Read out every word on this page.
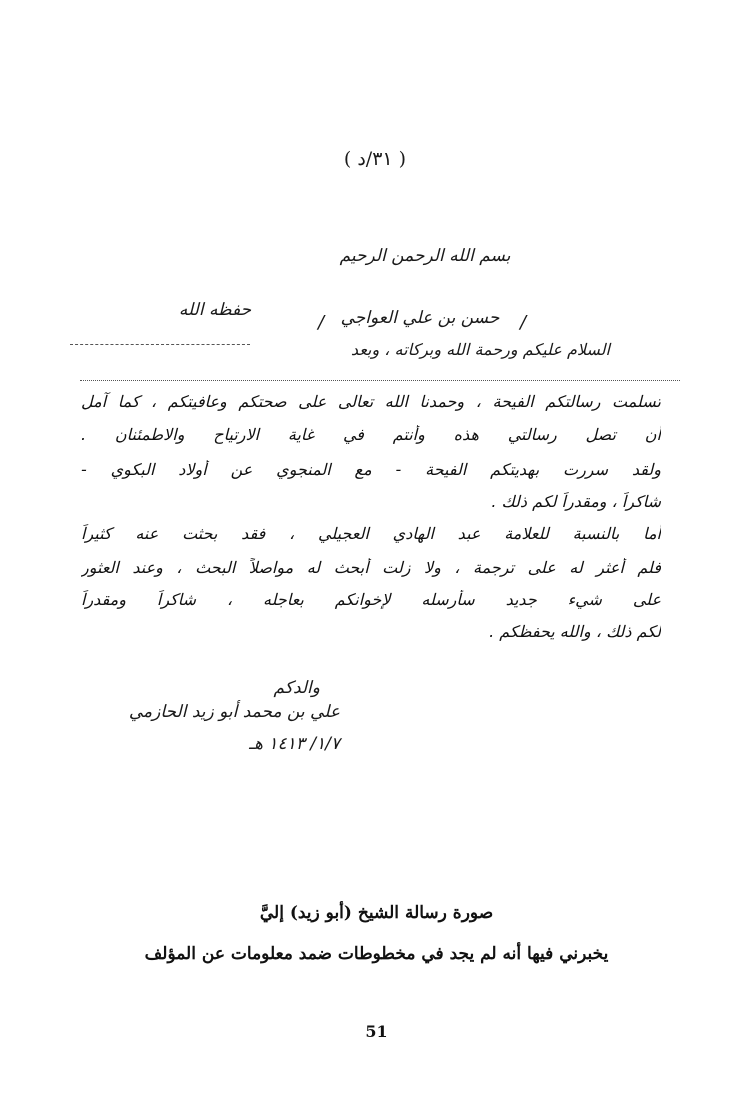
( ٣١/د )
بسم الله الرحمن الرحيم
/
حسن بن علي العواجي
/
حفظه الله
السلام عليكم ورحمة الله وبركاته ، وبعد
تسلمت رسالتكم الفيحة ، وحمدنا الله تعالى على صحتكم وعافيتكم ، كما آمل
أن تصل رسالتي هذه وأنتم في غاية الارتياح والاطمئنان .
ولقد سررت بهديتكم الفيحة - مع المنجوي عن أولاد البكوي -
شاكراً ، ومقدراً لكم ذلك .
أما بالنسبة للعلامة عبد الهادي العجيلي ، فقد بحثت عنه كثيراً
فلم أعثر له على ترجمة ، ولا زلت أبحث له مواصلاً البحث ، وعند العثور
على شيء جديد سأرسله لإخوانكم بعاجله ، شاكراً ومقدراً
لكم ذلك ، والله يحفظكم .
والدكم
علي بن محمد أبو زيد الحازمي
١/٧/ ١٤١٣ هـ
صورة رسالة الشيخ (أبو زيد) إليَّ
يخبرني فيها أنه لم يجد في مخطوطات ضمد معلومات عن المؤلف
51
